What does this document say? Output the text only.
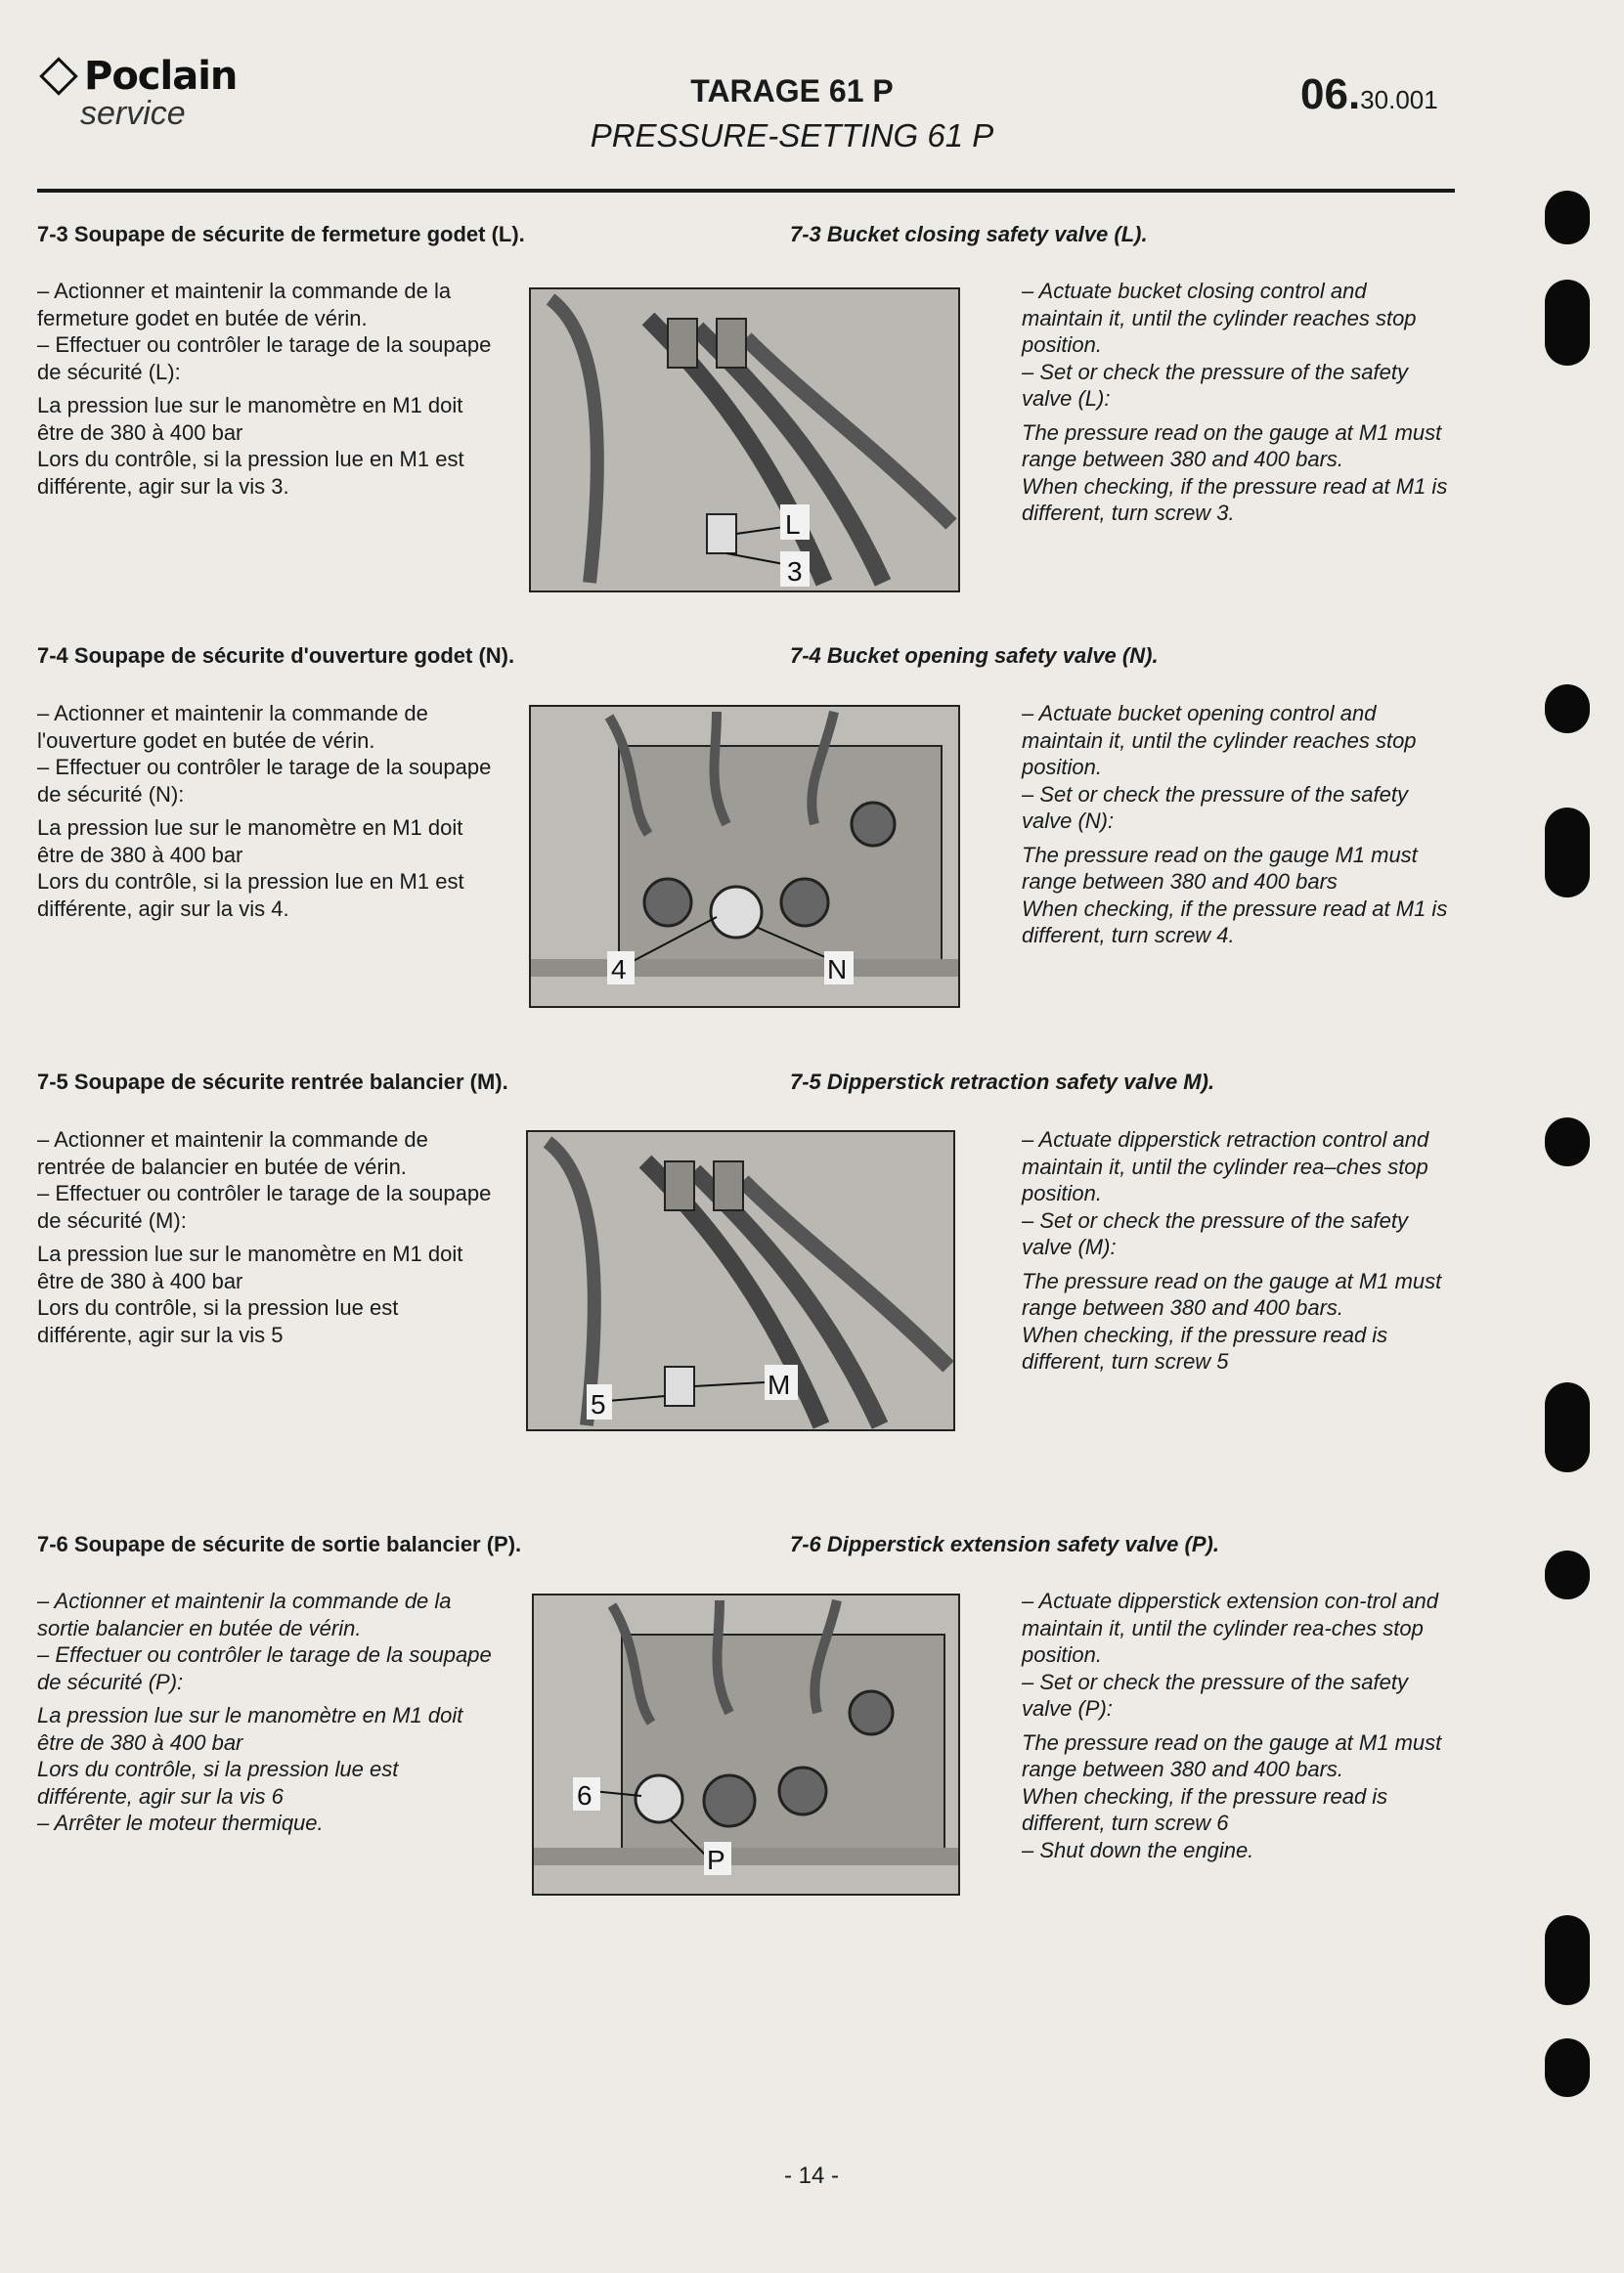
Poclain
service
TARAGE 61 P
PRESSURE-SETTING 61 P
06.30.001
7-3 Soupape de sécurite de fermeture godet (L).	7-3 Bucket closing safety valve (L).

– Actionner et maintenir la commande de la fermeture godet en butée de vérin.

– Effectuer ou contrôler le tarage de la soupape de sécurité (L):

La pression lue sur le manomètre en M1 doit être de 380 à 400 bar

Lors du contrôle, si la pression lue en M1 est différente, agir sur la vis 3.

L
3

– Actuate bucket closing control and maintain it, until the cylinder reaches stop position.

– Set or check the pressure of the safety valve (L):

The pressure read on the gauge at M1 must range between 380 and 400 bars.

When checking, if the pressure read at M1 is different, turn screw 3.

7-4 Soupape de sécurite d'ouverture godet (N).	7-4 Bucket opening safety valve (N).

– Actionner et maintenir la commande de l'ouverture godet en butée de vérin.

– Effectuer ou contrôler le tarage de la soupape de sécurité (N):

La pression lue sur le manomètre en M1 doit être de 380 à 400 bar

Lors du contrôle, si la pression lue en M1 est différente, agir sur la vis 4.

4	N

– Actuate bucket opening control and maintain it, until the cylinder reaches stop position.

– Set or check the pressure of the safety valve (N):

The pressure read on the gauge M1 must range between 380 and 400 bars

When checking, if the pressure read at M1 is different, turn screw 4.

7-5 Soupape de sécurite rentrée balancier (M).	7-5 Dipperstick retraction safety valve M).

– Actionner et maintenir la commande de rentrée de balancier en butée de vérin.

– Effectuer ou contrôler le tarage de la soupape de sécurité (M):

La pression lue sur le manomètre en M1 doit être de 380 à 400 bar

Lors du contrôle, si la pression lue est différente, agir sur la vis 5

5
M

– Actuate dipperstick retraction control and maintain it, until the cylinder rea–ches stop position.

– Set or check the pressure of the safety valve (M):

The pressure read on the gauge at M1 must range between 380 and 400 bars.

When checking, if the pressure read is different, turn screw 5

7-6 Soupape de sécurite de sortie balancier (P).	7-6 Dipperstick extension safety valve (P).

– Actionner et maintenir la commande de la sortie balancier en butée de vérin.

– Effectuer ou contrôler le tarage de la soupape de sécurité (P):

La pression lue sur le manomètre en M1 doit être de 380 à 400 bar

Lors du contrôle, si la pression lue est différente, agir sur la vis 6

– Arrêter le moteur thermique.

6
P

– Actuate dipperstick extension con-trol and maintain it, until the cylinder rea-ches stop position.

– Set or check the pressure of the safety valve (P):

The pressure read on the gauge at M1 must range between 380 and 400 bars.

When checking, if the pressure read is different, turn screw 6

– Shut down the engine.

- 14 -
